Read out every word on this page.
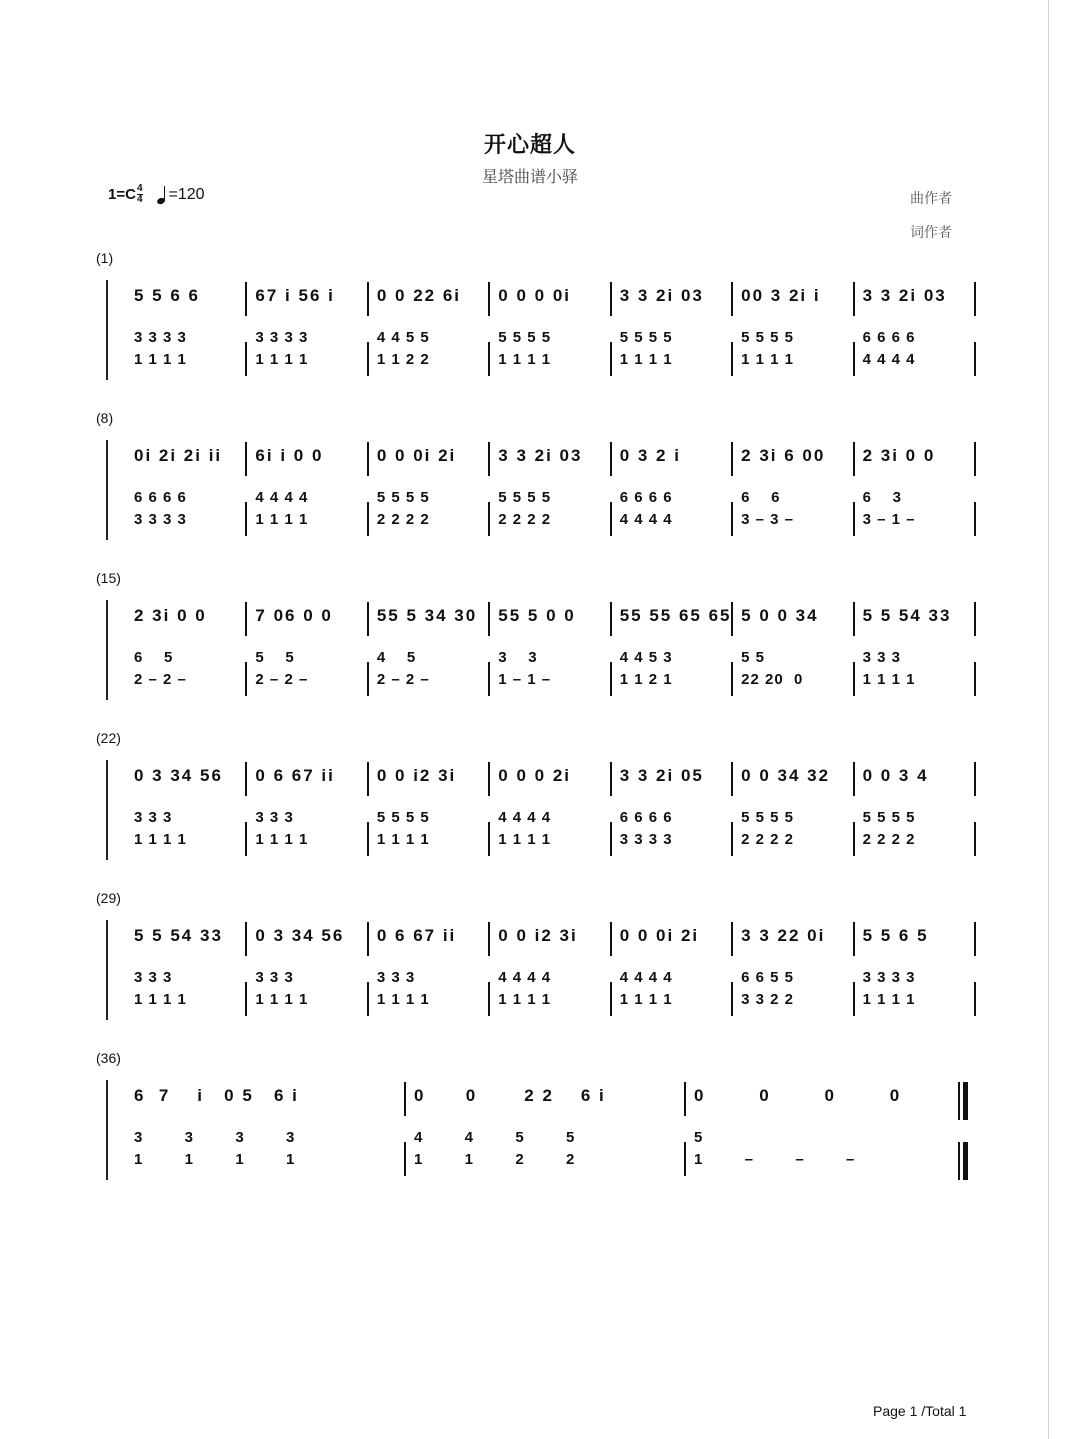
开心超人
星塔曲谱小驿
$1=C \frac{4}{4} =120$	曲作者
词作者
(1)
5 5 6 6
3 3 3 3
1 1 1 1
67 i 56 i
3 3 3 3
1 1 1 1
0 0 22 6i
4 4 5 5
1 1 2 2
0 0 0 0i
5 5 5 5
1 1 1 1
3 3 2i 03
5 5 5 5
1 1 1 1
00 3 2i i
5 5 5 5
1 1 1 1
3 3 2i 03
6 6 6 6
4 4 4 4
(8)
0i 2i 2i ii
6 6 6 6
3 3 3 3
6i i 0 0
4 4 4 4
1 1 1 1
0 0 0i 2i
5 5 5 5
2 2 2 2
3 3 2i 03
5 5 5 5
2 2 2 2
0 3 2 i
6 6 6 6
4 4 4 4
2 3i 6 00
6    6
3 – 3 –
2 3i 0 0
6    3
3 – 1 –
(15)
2 3i 0 0
6    5
2 – 2 –
7 06 0 0
5    5
2 – 2 –
55 5 34 30
4    5
2 – 2 –
55 5 0 0
3    3
1 – 1 –
55 55 65 65
4 4 5 3
1 1 2 1
5 0 0 34
5 5
22 20  0
5 5 54 33
3 3 3
1 1 1 1
(22)
0 3 34 56
3 3 3
1 1 1 1
0 6 67 ii
3 3 3
1 1 1 1
0 0 i2 3i
5 5 5 5
1 1 1 1
0 0 0 2i
4 4 4 4
1 1 1 1
3 3 2i 05
6 6 6 6
3 3 3 3
0 0 34 32
5 5 5 5
2 2 2 2
0 0 3 4
5 5 5 5
2 2 2 2
(29)
5 5 54 33
3 3 3
1 1 1 1
0 3 34 56
3 3 3
1 1 1 1
0 6 67 ii
3 3 3
1 1 1 1
0 0 i2 3i
4 4 4 4
1 1 1 1
0 0 0i 2i
4 4 4 4
1 1 1 1
3 3 22 0i
6 6 5 5
3 3 2 2
5 5 6 5
3 3 3 3
1 1 1 1
(36)
6  7    i   0 5   6 i
3        3        3        3
1        1        1        1
0      0       2 2    6 i
4        4        5        5
1        1        2        2
0        0        0        0
5
1        –        –        –
Page 1 /Total 1
